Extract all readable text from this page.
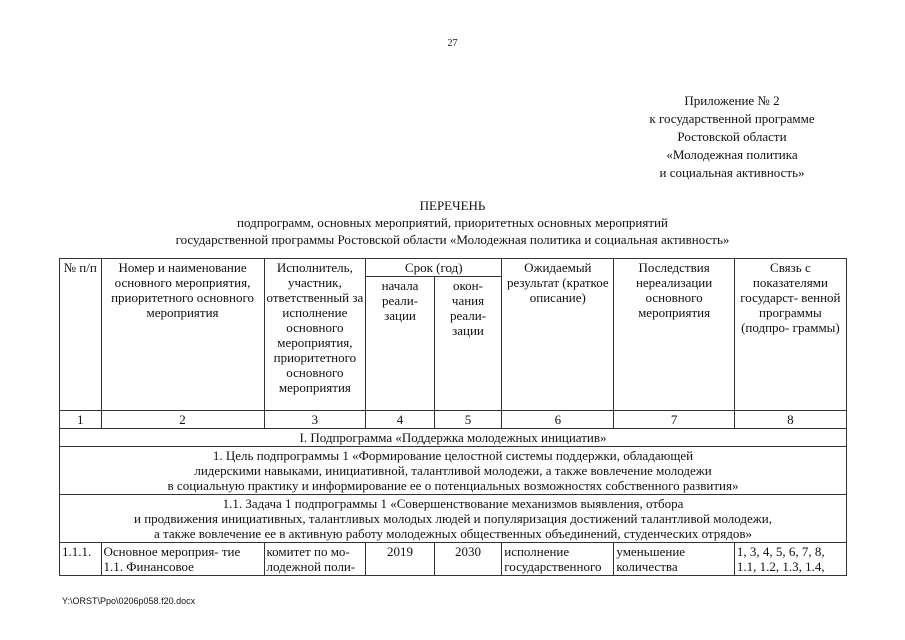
27
Приложение № 2
к государственной программе
Ростовской области
«Молодежная политика
и социальная активность»
ПЕРЕЧЕНЬ
подпрограмм, основных мероприятий, приоритетных основных мероприятий
государственной программы Ростовской области «Молодежная политика и социальная активность»
№ п/п	Номер и наименование основного мероприятия, приоритетного основного мероприятия	Исполнитель, участник, ответственный за исполнение основного мероприятия, приоритетного основного мероприятия	Срок (год)		Ожидаемый результат (краткое описание)	Последствия нереализации основного мероприятия	Связь с показателями государст- венной программы (подпро- граммы)
			начала реали- зации	окон- чания реали- зации			
1	2	3	4	5	6	7	8
I. Подпрограмма «Поддержка молодежных инициатив»							

1. Цель подпрограммы 1 «Формирование целостной системы поддержки, обладающей
лидерскими навыками, инициативной, талантливой молодежи, а также вовлечение молодежи
в социальную практику и информирование ее о потенциальных возможностях собственного развития»							

1.1. Задача 1 подпрограммы 1 «Совершенствование механизмов выявления, отбора
и продвижения инициативных, талантливых молодых людей и популяризация достижений талантливой молодежи,
а также вовлечение ее в активную работу молодежных общественных объединений, студенческих отрядов»							

1.1.1.	Основное мероприя- тие 1.1. Финансовое	комитет по мо- лодежной поли-	2019	2030	исполнение государственного	уменьшение количества	1, 3, 4, 5, 6, 7, 8, 1.1, 1.2, 1.3, 1.4,
Y:\ORST\Ppo\0206p058.f20.docx
